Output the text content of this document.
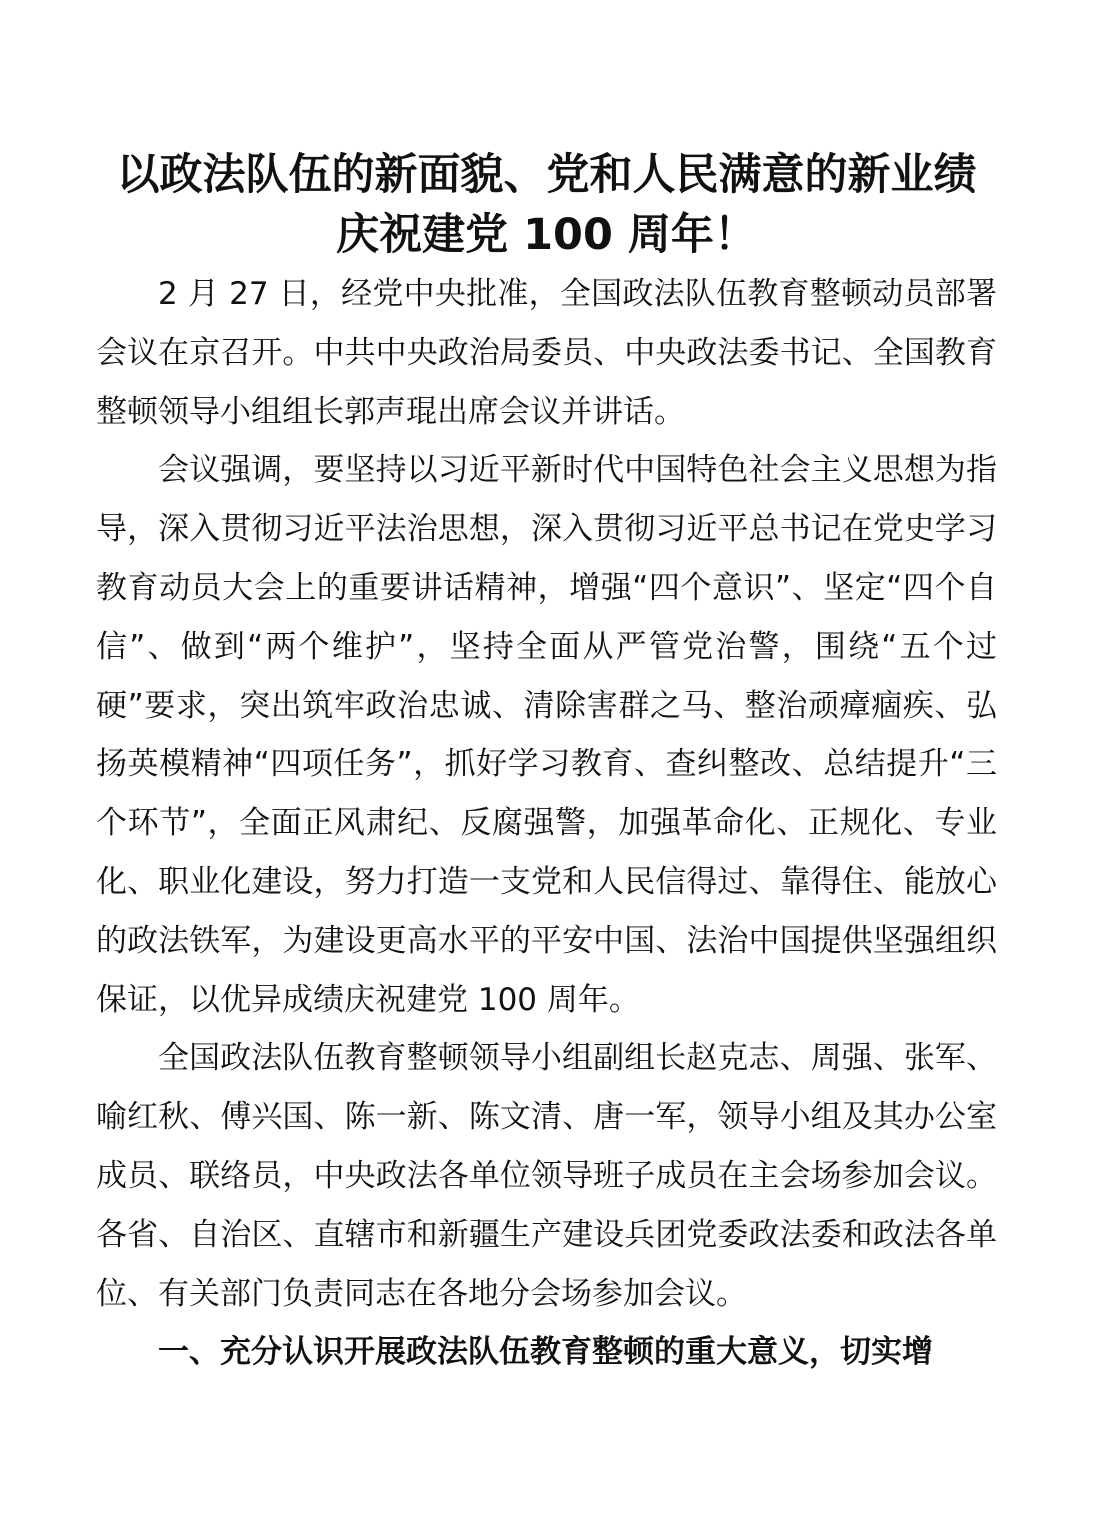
以政法队伍的新面貌、党和人民满意的新业绩庆祝建党 100 周年！

2 月 27 日，经党中央批准，全国政法队伍教育整顿动员部署会议在京召开。中共中央政治局委员、中央政法委书记、全国教育整顿领导小组组长郭声琨出席会议并讲话。

会议强调，要坚持以习近平新时代中国特色社会主义思想为指导，深入贯彻习近平法治思想，深入贯彻习近平总书记在党史学习教育动员大会上的重要讲话精神，增强“四个意识”、坚定“四个自信”、做到“两个维护”，坚持全面从严管党治警，围绕“五个过硬”要求，突出筑牢政治忠诚、清除害群之马、整治顽瘴痼疾、弘扬英模精神“四项任务”，抓好学习教育、查纠整改、总结提升“三个环节”，全面正风肃纪、反腐强警，加强革命化、正规化、专业化、职业化建设，努力打造一支党和人民信得过、靠得住、能放心的政法铁军，为建设更高水平的平安中国、法治中国提供坚强组织保证，以优异成绩庆祝建党 100 周年。

全国政法队伍教育整顿领导小组副组长赵克志、周强、张军、喻红秋、傅兴国、陈一新、陈文清、唐一军，领导小组及其办公室成员、联络员，中央政法各单位领导班子成员在主会场参加会议。各省、自治区、直辖市和新疆生产建设兵团党委政法委和政法各单位、有关部门负责同志在各地分会场参加会议。

一、充分认识开展政法队伍教育整顿的重大意义，切实增
